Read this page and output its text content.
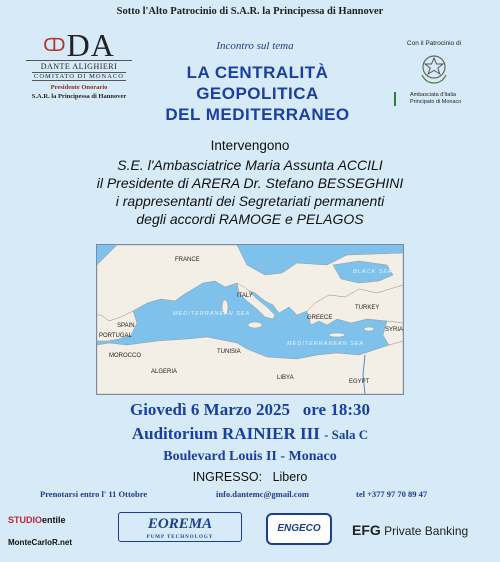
Sotto l'Alto Patrocinio di S.A.R. la Principessa di Hannover
$^ↀ$DA
DANTE ALIGHIERI
COMITATO DI MONACO
Presidente Onorario
S.A.R. la Principessa di Hannover
Incontro sul tema
LA CENTRALITÀ
GEOPOLITICA
DEL MEDITERRANEO
Con il Patrocinio di
Ambasciata d'Italia
Principato di Monaco
Intervengono
S.E. l'Ambasciatrice Maria Assunta ACCILI
il Presidente di ARERA Dr. Stefano BESSEGHINI
i rappresentanti dei Segretariati permanenti
degli accordi RAMOGE e PELAGOS
FRANCE
SPAIN
PORTUGAL
ITALY
GREECE
TURKEY
SYRIA
MOROCCO
ALGERIA
TUNISIA
LIBYA
EGYPT
MEDITERRANEAN SEA
BLACK SEA
MEDITERRANEAN SEA
Giovedì 6 Marzo 2025 ore 18:30
Auditorium RAINIER III - Sala C
Boulevard Louis II - Monaco
INGRESSO: Libero
Prenotarsi entro l' 11 Ottobre	info.dantemc@gmail.com	tel +377 97 70 89 47
STUDIOentile
MonteCarloR.net
EOREMA
PUMP TECHNOLOGY
ENGECO	EFG Private Banking
